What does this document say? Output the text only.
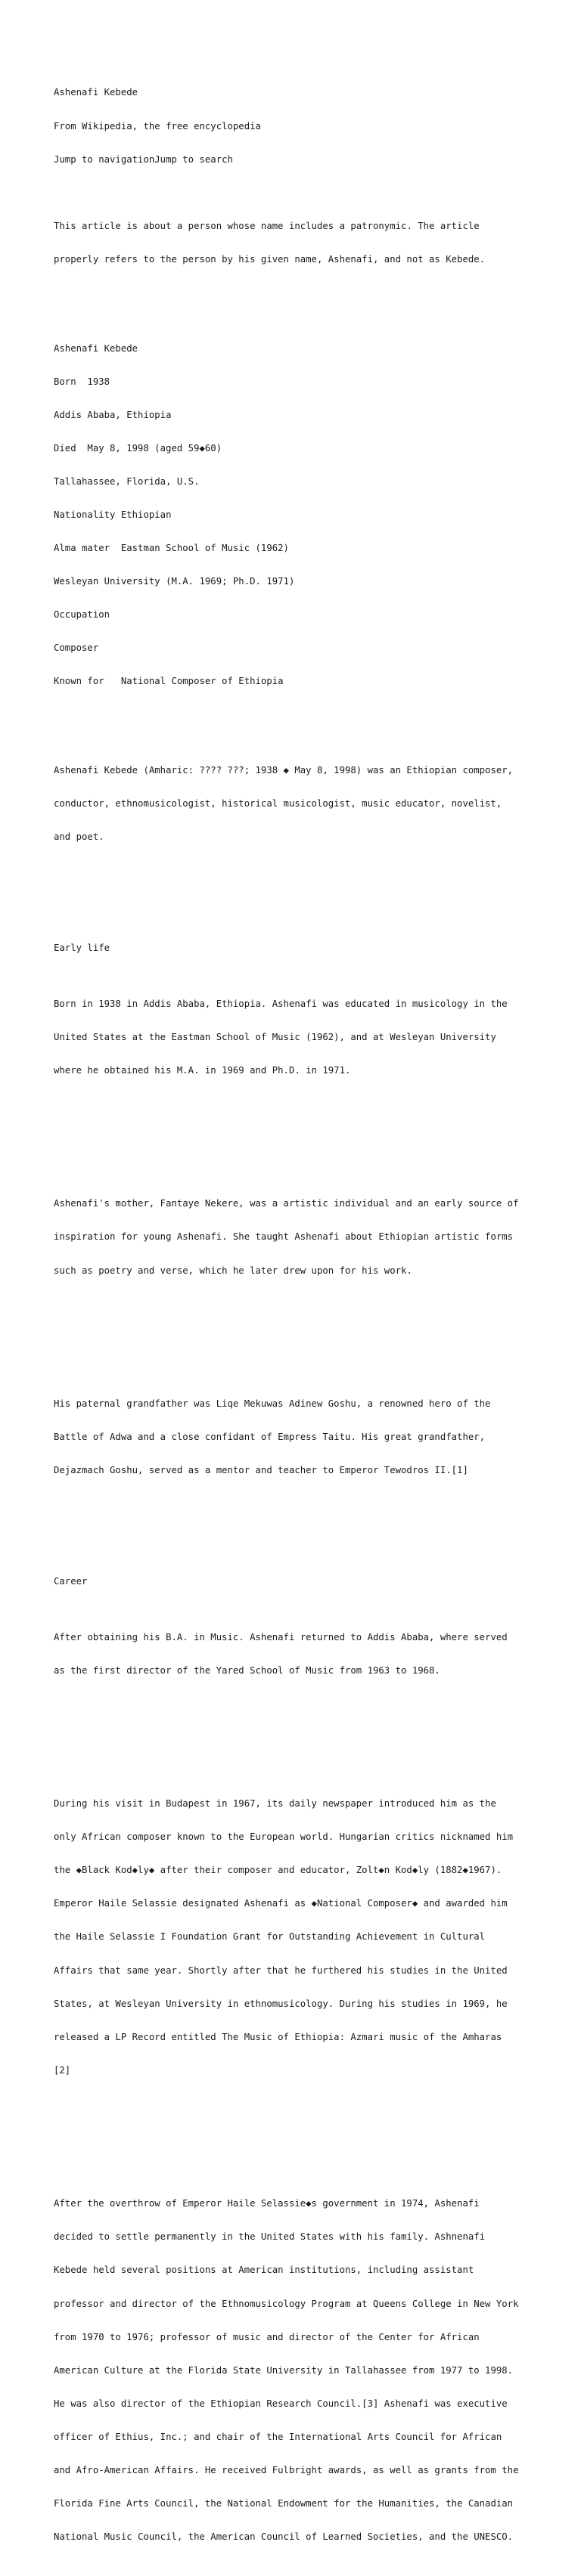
Ashenafi Kebede

From Wikipedia, the free encyclopedia

Jump to navigationJump to search

This article is about a person whose name includes a patronymic. The article

properly refers to the person by his given name, Ashenafi, and not as Kebede.

Ashenafi Kebede

Born  1938

Addis Ababa, Ethiopia

Died  May 8, 1998 (aged 59◆60)

Tallahassee, Florida, U.S.

Nationality Ethiopian

Alma mater  Eastman School of Music (1962)

Wesleyan University (M.A. 1969; Ph.D. 1971)

Occupation

Composer

Known for   National Composer of Ethiopia

Ashenafi Kebede (Amharic: ???? ???; 1938 ◆ May 8, 1998) was an Ethiopian composer,

conductor, ethnomusicologist, historical musicologist, music educator, novelist,

and poet.

Early life

Born in 1938 in Addis Ababa, Ethiopia. Ashenafi was educated in musicology in the

United States at the Eastman School of Music (1962), and at Wesleyan University

where he obtained his M.A. in 1969 and Ph.D. in 1971.

Ashenafi's mother, Fantaye Nekere, was a artistic individual and an early source of

inspiration for young Ashenafi. She taught Ashenafi about Ethiopian artistic forms

such as poetry and verse, which he later drew upon for his work.

His paternal grandfather was Liqe Mekuwas Adinew Goshu, a renowned hero of the

Battle of Adwa and a close confidant of Empress Taitu. His great grandfather,

Dejazmach Goshu, served as a mentor and teacher to Emperor Tewodros II.[1]

Career

After obtaining his B.A. in Music. Ashenafi returned to Addis Ababa, where served

as the first director of the Yared School of Music from 1963 to 1968.

During his visit in Budapest in 1967, its daily newspaper introduced him as the

only African composer known to the European world. Hungarian critics nicknamed him

the ◆Black Kod◆ly◆ after their composer and educator, Zolt◆n Kod◆ly (1882◆1967).

Emperor Haile Selassie designated Ashenafi as ◆National Composer◆ and awarded him

the Haile Selassie I Foundation Grant for Outstanding Achievement in Cultural

Affairs that same year. Shortly after that he furthered his studies in the United

States, at Wesleyan University in ethnomusicology. During his studies in 1969, he

released a LP Record entitled The Music of Ethiopia: Azmari music of the Amharas

[2]

After the overthrow of Emperor Haile Selassie◆s government in 1974, Ashenafi

decided to settle permanently in the United States with his family. Ashnenafi

Kebede held several positions at American institutions, including assistant

professor and director of the Ethnomusicology Program at Queens College in New York

from 1970 to 1976; professor of music and director of the Center for African

American Culture at the Florida State University in Tallahassee from 1977 to 1998.

He was also director of the Ethiopian Research Council.[3] Ashenafi was executive

officer of Ethius, Inc.; and chair of the International Arts Council for African

and Afro-American Affairs. He received Fulbright awards, as well as grants from the

Florida Fine Arts Council, the National Endowment for the Humanities, the Canadian

National Music Council, the American Council of Learned Societies, and the UNESCO.
